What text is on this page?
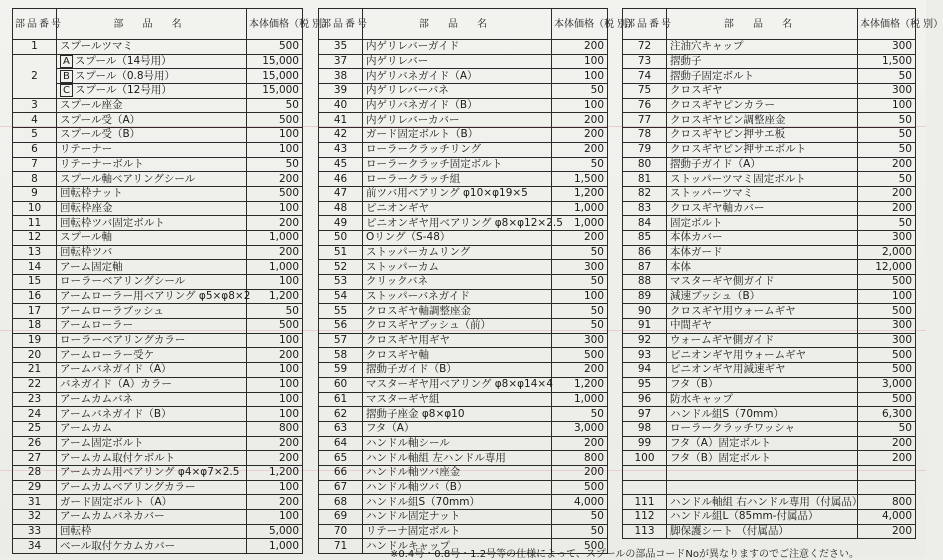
部品番号	部 品 名	本体価格（税 別）
1	スプールツマミ	500
2	A スプール（14号用）	15,000
	B スプール（0.8号用）	15,000
	C スプール（12号用）	15,000
3	スプール座金	50
4	スプール受（A）	500
5	スプール受（B）	100
6	リテーナー	100
7	リテーナーボルト	50
8	スプール軸ベアリングシール	200
9	回転枠ナット	500
10	回転枠座金	100
11	回転枠ツバ固定ボルト	200
12	スプール軸	1,000
13	回転枠ツバ	200
14	アーム固定軸	1,000
15	ローラーベアリングシール	100
16	アームローラー用ベアリング φ5×φ8×2	1,200
17	アームローラブッシュ	50
18	アームローラー	500
19	ローラーベアリングカラー	100
20	アームローラー受ケ	200
21	アームバネガイド（A）	100
22	バネガイド（A）カラー	100
23	アームカムバネ	100
24	アームバネガイド（B）	100
25	アームカム	800
26	アーム固定ボルト	200
27	アームカム取付ケボルト	200
28	アームカム用ベアリング φ4×φ7×2.5	1,200
29	アームカムベアリングカラー	100
31	ガード固定ボルト（A）	200
32	アームカムバネカバー	100
33	回転枠	5,000
34	ベール取付ケカムカバー	1,000
部品番号	部 品 名	本体価格（税 別）
35	内ゲリレバーガイド	200
37	内ゲリレバー	100
38	内ゲリバネガイド（A）	100
39	内ゲリレバーバネ	50
40	内ゲリバネガイド（B）	100
41	内ゲリレバーカバー	200
42	ガード固定ボルト（B）	200
43	ローラークラッチリング	200
45	ローラークラッチ固定ボルト	50
46	ローラークラッチ組	1,500
47	前ツバ用ベアリング φ10×φ19×5	1,200
48	ピニオンギヤ	1,000
49	ピニオンギヤ用ベアリング φ8×φ12×2.5	1,000
50	Oリング（S-48）	200
51	ストッパーカムリング	50
52	ストッパーカム	300
53	クリックバネ	50
54	ストッパーバネガイド	100
55	クロスギヤ軸調整座金	50
56	クロスギヤブッシュ（前）	50
57	クロスギヤ用ギヤ	300
58	クロスギヤ軸	500
59	摺動子ガイド（B）	200
60	マスターギヤ用ベアリング φ8×φ14×4	1,200
61	マスターギヤ組	1,000
62	摺動子座金 φ8×φ10	50
63	フタ（A）	3,000
64	ハンドル軸シール	200
65	ハンドル軸組 左ハンドル専用	800
66	ハンドル軸ツバ座金	200
67	ハンドル軸ツバ（B）	500
68	ハンドル組S（70mm）	4,000
69	ハンドル固定ナット	50
70	リテーナ固定ボルト	50
71	ハンドルキャップ	500
部品番号	部 品 名	本体価格（税 別）
72	注油穴キャップ	300
73	摺動子	1,500
74	摺動子固定ボルト	50
75	クロスギヤ	300
76	クロスギヤピンカラー	100
77	クロスギヤピン調整座金	50
78	クロスギヤピン押サエ板	50
79	クロスギヤピン押サエボルト	50
80	摺動子ガイド（A）	200
81	ストッパーツマミ固定ボルト	50
82	ストッパーツマミ	200
83	クロスギヤ軸カバー	200
84	固定ボルト	50
85	本体カバー	300
86	本体ガード	2,000
87	本体	12,000
88	マスターギヤ側ガイド	500
89	減速ブッシュ（B）	100
90	クロスギヤ用ウォームギヤ	500
91	中間ギヤ	300
92	ウォームギヤ側ガイド	300
93	ピニオンギヤ用ウォームギヤ	500
94	ピニオンギヤ用減速ギヤ	500
95	フタ（B）	3,000
96	防水キャップ	500
97	ハンドル組S（70mm）	6,300
98	ローラークラッチワッシャ	50
99	フタ（A）固定ボルト	200
100	フタ（B）固定ボルト	200

111	ハンドル軸組 右ハンドル専用（付属品）	800
112	ハンドル組L（85mm-付属品）	4,000
113	脚保護シート （付属品）	200
※0.4号・0.8号・1.2号等の仕様によって、スプールの部品コードNoが異なりますのでご注意ください。
